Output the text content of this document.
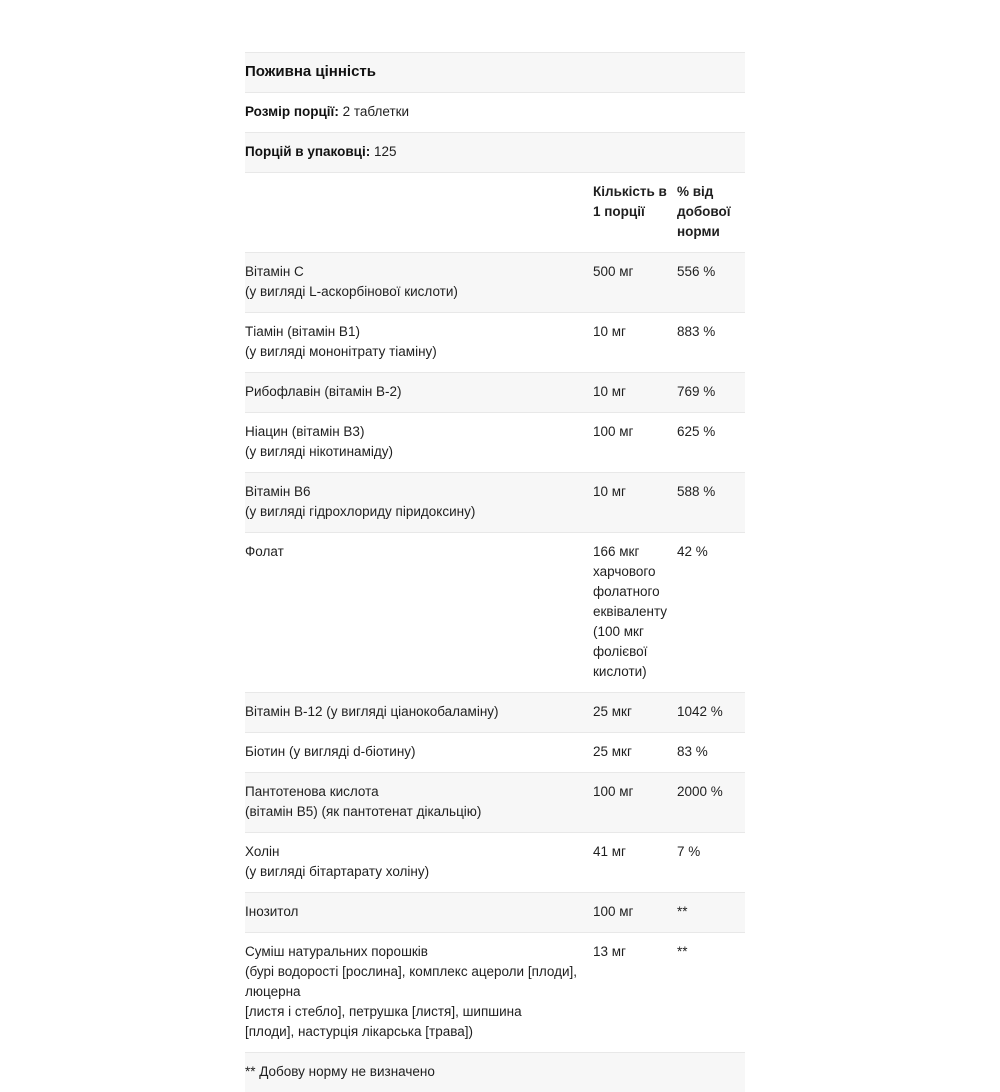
Поживна цінність		
Розмір порції: 2 таблетки		
Порцій в упаковці: 125		
	Кількість в 1 порції	% від добової норми

Вітамін С
(у вигляді L-аскорбінової кислоти)	500 мг	556 %

Тіамін (вітамін B1)
(у вигляді мононітрату тіаміну)	10 мг	883 %

Рибофлавін (вітамін B-2)	10 мг	769 %

Ніацин (вітамін B3)
(у вигляді нікотинаміду)	100 мг	625 %

Вітамін B6
(у вигляді гідрохлориду піридоксину)	10 мг	588 %

Фолат	166 мкг харчового фолатного еквіваленту (100 мкг фолієвої кислоти)	42 %

Вітамін B-12 (у вигляді ціанокобаламіну)	25 мкг	1042 %

Біотин (у вигляді d-біотину)	25 мкг	83 %

Пантотенова кислота
(вітамін B5) (як пантотенат дікальцію)	100 мг	2000 %

Холін
(у вигляді бітартарату холіну)	41 мг	7 %

Інозитол	100 мг	**

Суміш натуральних порошків
(бурі водорості [рослина], комплекс ацероли [плоди],
люцерна
[листя і стебло], петрушка [листя], шипшина
[плоди], настурція лікарська [трава])	13 мг	**
** Добову норму не визначено		
